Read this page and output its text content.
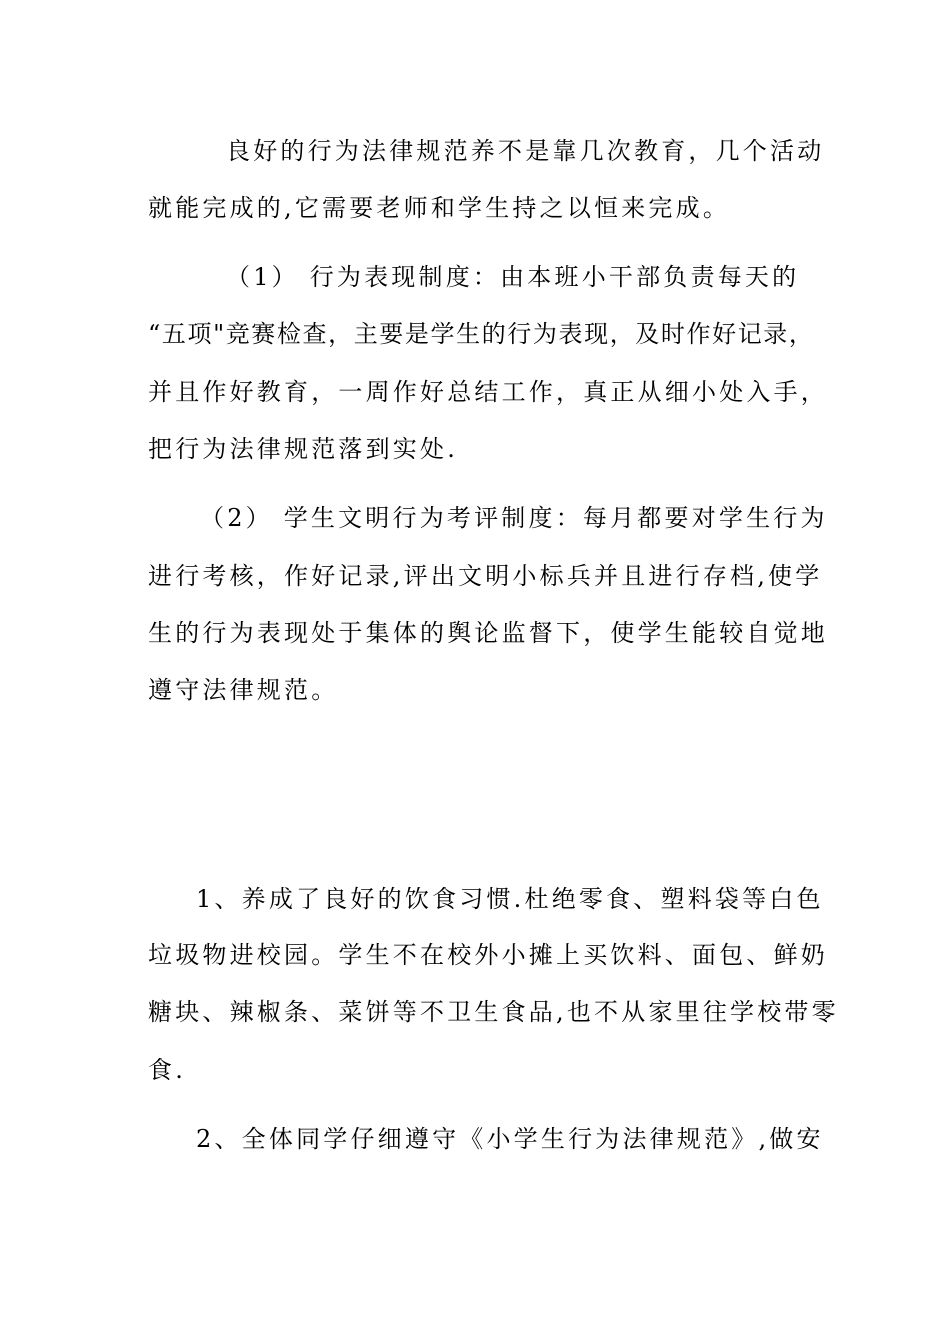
良好的行为法律规范养不是靠几次教育，几个活动
就能完成的,它需要老师和学生持之以恒来完成。
（1） 行为表现制度：由本班小干部负责每天的
“五项"竞赛检查，主要是学生的行为表现，及时作好记录，
并且作好教育，一周作好总结工作，真正从细小处入手，
把行为法律规范落到实处.
（2） 学生文明行为考评制度：每月都要对学生行为
进行考核，作好记录,评出文明小标兵并且进行存档,使学
生的行为表现处于集体的舆论监督下，使学生能较自觉地
遵守法律规范。
1、养成了良好的饮食习惯.杜绝零食、塑料袋等白色
垃圾物进校园。学生不在校外小摊上买饮料、面包、鲜奶
糖块、辣椒条、菜饼等不卫生食品,也不从家里往学校带零
食.
2、全体同学仔细遵守《小学生行为法律规范》,做安
